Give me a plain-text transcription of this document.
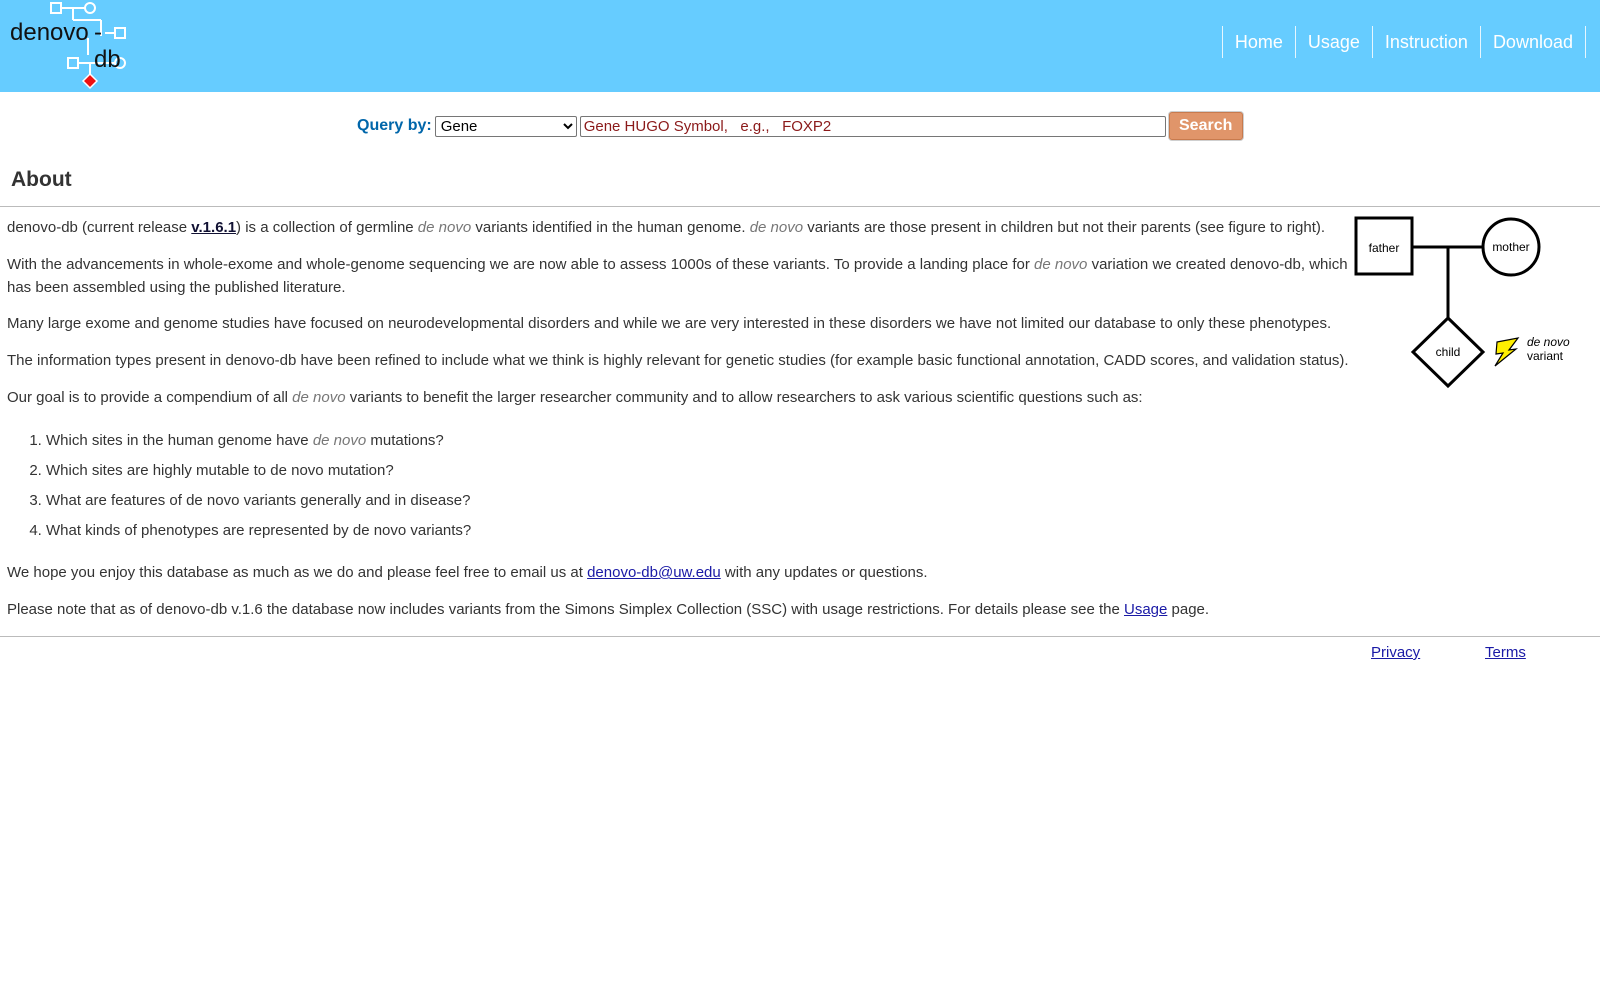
denovo -
db
Home	Usage	Instruction	Download
Query by:
Gene
Gene HUGO Symbol, e.g., FOXP2	Search
About

denovo-db (current release v.1.6.1) is a collection of germline de novo variants identified in the human genome. de novo variants are those present in children but not their parents (see figure to right).

With the advancements in whole-exome and whole-genome sequencing we are now able to assess 1000s of these variants. To provide a landing place for de novo variation we created denovo-db, which has been assembled using the published literature.

Many large exome and genome studies have focused on neurodevelopmental disorders and while we are very interested in these disorders we have not limited our database to only these phenotypes.

The information types present in denovo-db have been refined to include what we think is highly relevant for genetic studies (for example basic functional annotation, CADD scores, and validation status).

Our goal is to provide a compendium of all de novo variants to benefit the larger researcher community and to allow researchers to ask various scientific questions such as:

1. Which sites in the human genome have de novo mutations?
2. Which sites are highly mutable to de novo mutation?
3. What are features of de novo variants generally and in disease?
4. What kinds of phenotypes are represented by de novo variants?

We hope you enjoy this database as much as we do and please feel free to email us at denovo-db@uw.edu with any updates or questions.

Please note that as of denovo-db v.1.6 the database now includes variants from the Simons Simplex Collection (SSC) with usage restrictions. For details please see the Usage page.

father	mother
child
de novo
variant
Privacy	Terms
